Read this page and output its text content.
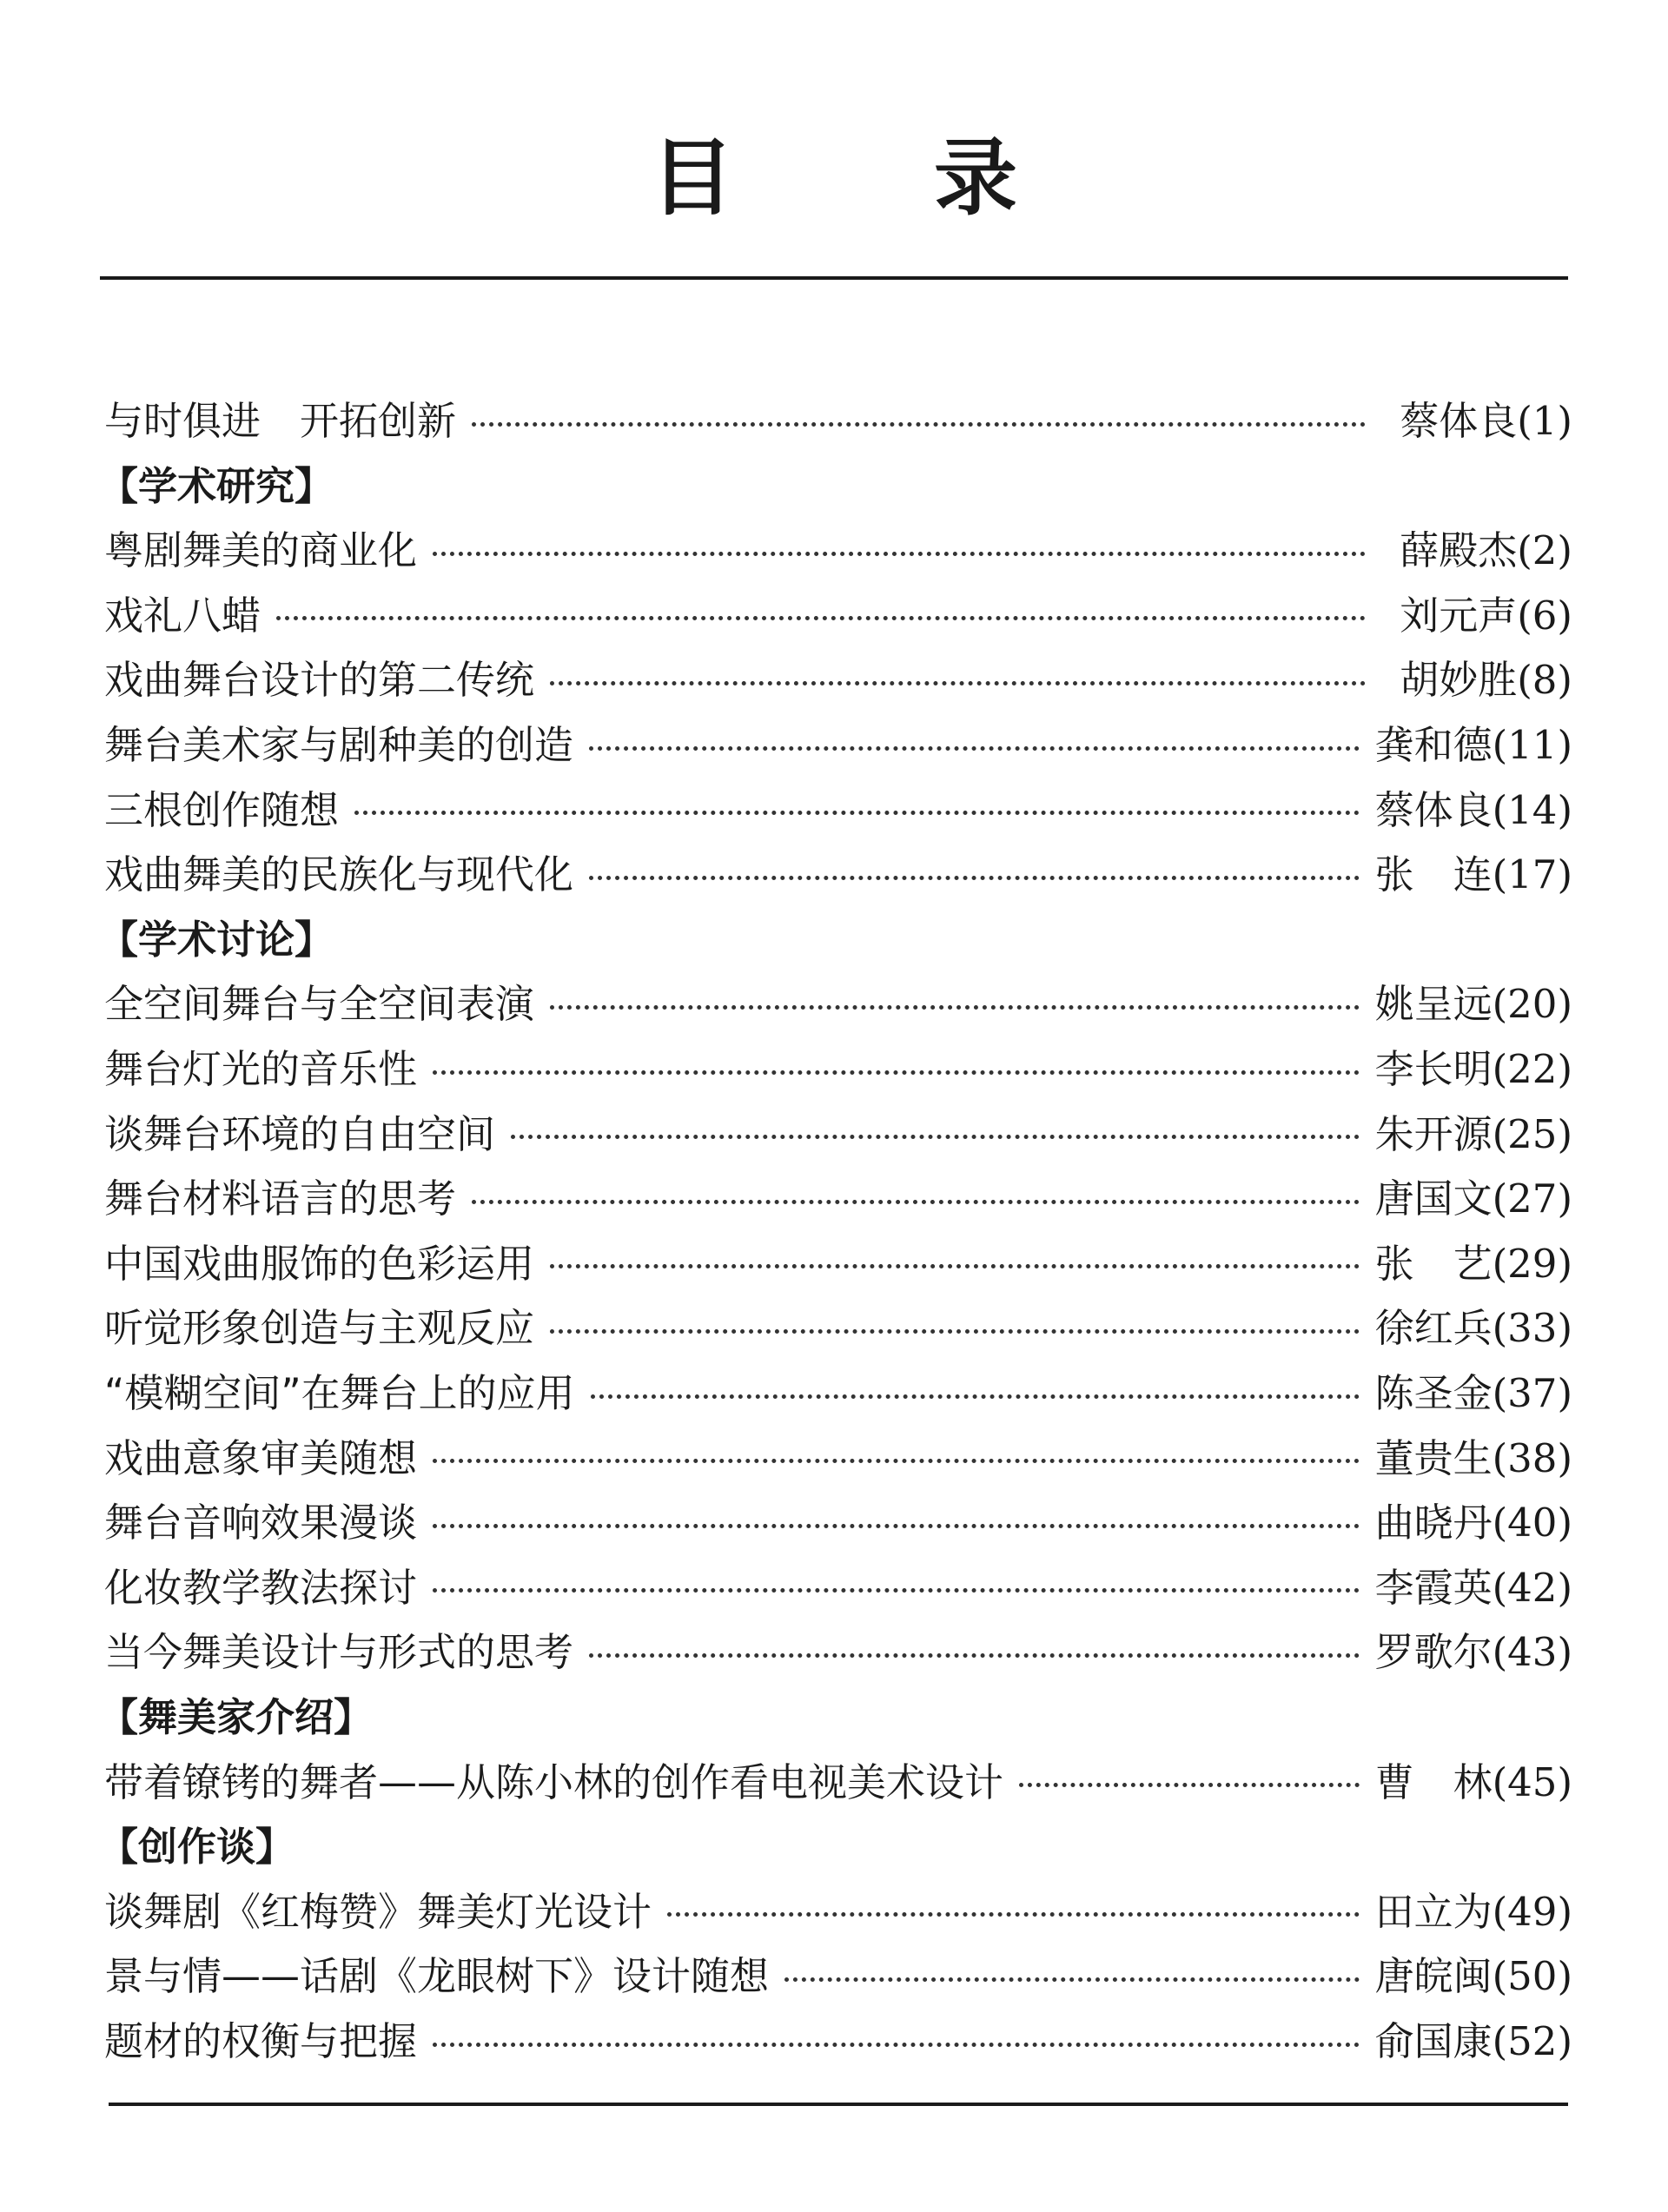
目 录
与时俱进　开拓创新	蔡体良(1)
【学术研究】
粤剧舞美的商业化	薛殿杰(2)
戏礼八蜡	刘元声(6)
戏曲舞台设计的第二传统	胡妙胜(8)
舞台美术家与剧种美的创造	龚和德(11)
三根创作随想	蔡体良(14)
戏曲舞美的民族化与现代化	张　连(17)
【学术讨论】
全空间舞台与全空间表演	姚呈远(20)
舞台灯光的音乐性	李长明(22)
谈舞台环境的自由空间	朱开源(25)
舞台材料语言的思考	唐国文(27)
中国戏曲服饰的色彩运用	张　艺(29)
听觉形象创造与主观反应	徐红兵(33)
“模糊空间”在舞台上的应用	陈圣金(37)
戏曲意象审美随想	董贵生(38)
舞台音响效果漫谈	曲晓丹(40)
化妆教学教法探讨	李霞英(42)
当今舞美设计与形式的思考	罗歌尔(43)
【舞美家介绍】
带着镣铐的舞者——从陈小林的创作看电视美术设计	曹　林(45)
【创作谈】
谈舞剧《红梅赞》舞美灯光设计	田立为(49)
景与情——话剧《龙眼树下》设计随想	唐皖闽(50)
题材的权衡与把握	俞国康(52)
